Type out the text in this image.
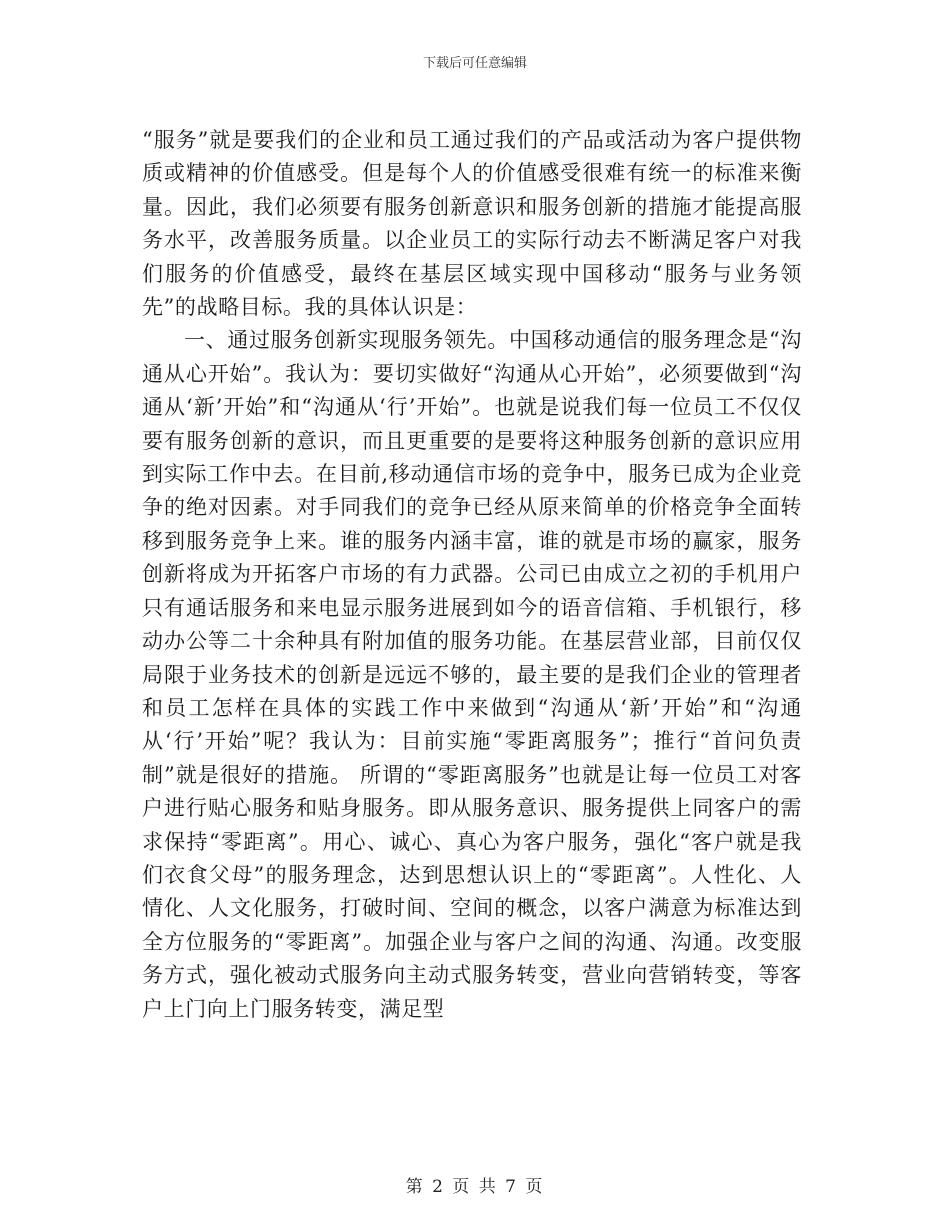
下载后可任意编辑

“服务”就是要我们的企业和员工通过我们的产品或活动为客户提供物质或精神的价值感受。但是每个人的价值感受很难有统一的标准来衡量。因此，我们必须要有服务创新意识和服务创新的措施才能提高服务水平，改善服务质量。以企业员工的实际行动去不断满足客户对我们服务的价值感受，最终在基层区域实现中国移动“服务与业务领先”的战略目标。我的具体认识是：

一、通过服务创新实现服务领先。中国移动通信的服务理念是“沟通从心开始”。我认为：要切实做好“沟通从心开始”，必须要做到“沟通从‘新’开始”和“沟通从‘行’开始”。也就是说我们每一位员工不仅仅要有服务创新的意识，而且更重要的是要将这种服务创新的意识应用到实际工作中去。在目前,移动通信市场的竞争中，服务已成为企业竞争的绝对因素。对手同我们的竞争已经从原来简单的价格竞争全面转移到服务竞争上来。谁的服务内涵丰富，谁的就是市场的赢家，服务创新将成为开拓客户市场的有力武器。公司已由成立之初的手机用户只有通话服务和来电显示服务进展到如今的语音信箱、手机银行，移动办公等二十余种具有附加值的服务功能。在基层营业部，目前仅仅局限于业务技术的创新是远远不够的，最主要的是我们企业的管理者和员工怎样在具体的实践工作中来做到“沟通从‘新’开始”和“沟通从‘行’开始”呢？我认为：目前实施“零距离服务”；推行“首问负责制”就是很好的措施。 所谓的“零距离服务”也就是让每一位员工对客户进行贴心服务和贴身服务。即从服务意识、服务提供上同客户的需求保持“零距离”。用心、诚心、真心为客户服务，强化“客户就是我们衣食父母”的服务理念，达到思想认识上的“零距离”。人性化、人情化、人文化服务，打破时间、空间的概念，以客户满意为标准达到全方位服务的“零距离”。加强企业与客户之间的沟通、沟通。改变服务方式，强化被动式服务向主动式服务转变，营业向营销转变，等客户上门向上门服务转变，满足型

第 2 页 共 7 页
